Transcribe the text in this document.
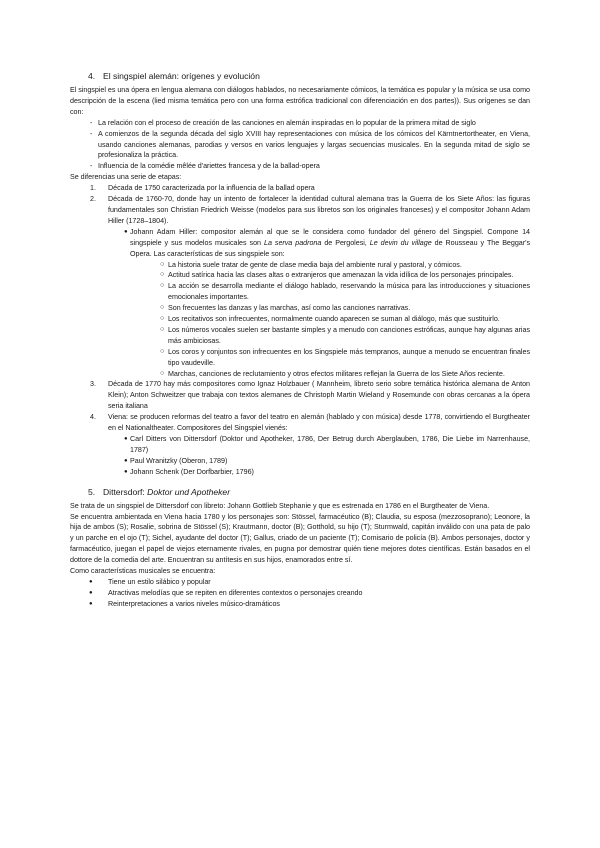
4. El singspiel alemán: orígenes y evolución

El singspiel es una ópera en lengua alemana con diálogos hablados, no necesariamente cómicos, la temática es popular y la música se usa como descripción de la escena (lied misma temática pero con una forma estrófica tradicional con diferenciación en dos partes)). Sus orígenes se dan con:

- La relación con el proceso de creación de las canciones en alemán inspiradas en lo popular de la primera mitad de siglo
- A comienzos de la segunda década del siglo XVIII hay representaciones con música de los cómicos del Kärntnertortheater, en Viena, usando canciones alemanas, parodias y versos en varios lenguajes y largas secuencias musicales. En la segunda mitad de siglo se profesionaliza la práctica.
- Influencia de la comédie mêlée d'ariettes francesa y de la ballad-opera

Se diferencias una serie de etapas:

1.	Década de 1750 caracterizada por la influencia de la ballad opera
2.	Década de 1760-70, donde hay un intento de fortalecer la identidad cultural alemana tras la Guerra de los Siete Años: las figuras fundamentales son Christian Friedrich Weisse (modelos para sus libretos son los originales franceses) y el compositor Johann Adam Hiller (1728–1804).
● Johann Adam Hiller: compositor alemán al que se le considera como fundador del género del Singspiel. Compone 14 singspiele y sus modelos musicales son La serva padrona de Pergolesi, Le devin du village de Rousseau y The Beggar's Opera. Las características de sus singspiele son:
○ La historia suele tratar de gente de clase media baja del ambiente rural y pastoral, y cómicos.
○ Actitud satírica hacia las clases altas o extranjeros que amenazan la vida idílica de los personajes principales.
○ La acción se desarrolla mediante el diálogo hablado, reservando la música para las introducciones y situaciones emocionales importantes.
○ Son frecuentes las danzas y las marchas, así como las canciones narrativas.
○ Los recitativos son infrecuentes, normalmente cuando aparecen se suman al diálogo, más que sustituirlo.
○ Los números vocales suelen ser bastante simples y a menudo con canciones estróficas, aunque hay algunas arias más ambiciosas.
○ Los coros y conjuntos son infrecuentes en los Singspiele más tempranos, aunque a menudo se encuentran finales tipo vaudeville.
○ Marchas, canciones de reclutamiento y otros efectos militares reflejan la Guerra de los Siete Años reciente.
3.	Década de 1770 hay más compositores como Ignaz Holzbauer ( Mannheim, libreto serio sobre temática histórica alemana de Anton Klein); Anton Schweitzer que trabaja con textos alemanes de Christoph Martin Wieland y Rosemunde con obras cercanas a la ópera seria italiana
4.	Viena: se producen reformas del teatro a favor del teatro en alemán (hablado y con música) desde 1778, convirtiendo el Burgtheater en el Nationaltheater. Compositores del Singspiel vienés:
● Carl Ditters von Dittersdorf (Doktor und Apotheker, 1786, Der Betrug durch Aberglauben, 1786, Die Liebe im Narrenhause, 1787)
● Paul Wranitzky (Oberon, 1789)
● Johann Schenk (Der Dorfbarbier, 1796)
5. Dittersdorf: Doktor und Apotheker

Se trata de un singspiel de Dittersdorf con libreto: Johann Gottlieb Stephanie y que es estrenada en 1786 en el Burgtheater de Viena.

Se encuentra ambientada en Viena hacia 1780 y los personajes son: Stössel, farmacéutico (B); Claudia, su esposa (mezzosoprano); Leonore, la hija de ambos (S); Rosalie, sobrina de Stössel (S); Krautmann, doctor (B); Gotthold, su hijo (T); Sturmwald, capitán inválido con una pata de palo y un parche en el ojo (T); Sichel, ayudante del doctor (T); Gallus, criado de un paciente (T); Comisario de policía (B). Ambos personajes, doctor y farmacéutico, juegan el papel de viejos eternamente rivales, en pugna por demostrar quién tiene mejores dotes científicas. Están basados en el dottore de la comedia del arte. Encuentran su antítesis en sus hijos, enamorados entre sí.

Como características musicales se encuentra:

●	Tiene un estilo silábico y popular
●	Atractivas melodías que se repiten en diferentes contextos o personajes creando
●	Reinterpretaciones a varios niveles músico-dramáticos
